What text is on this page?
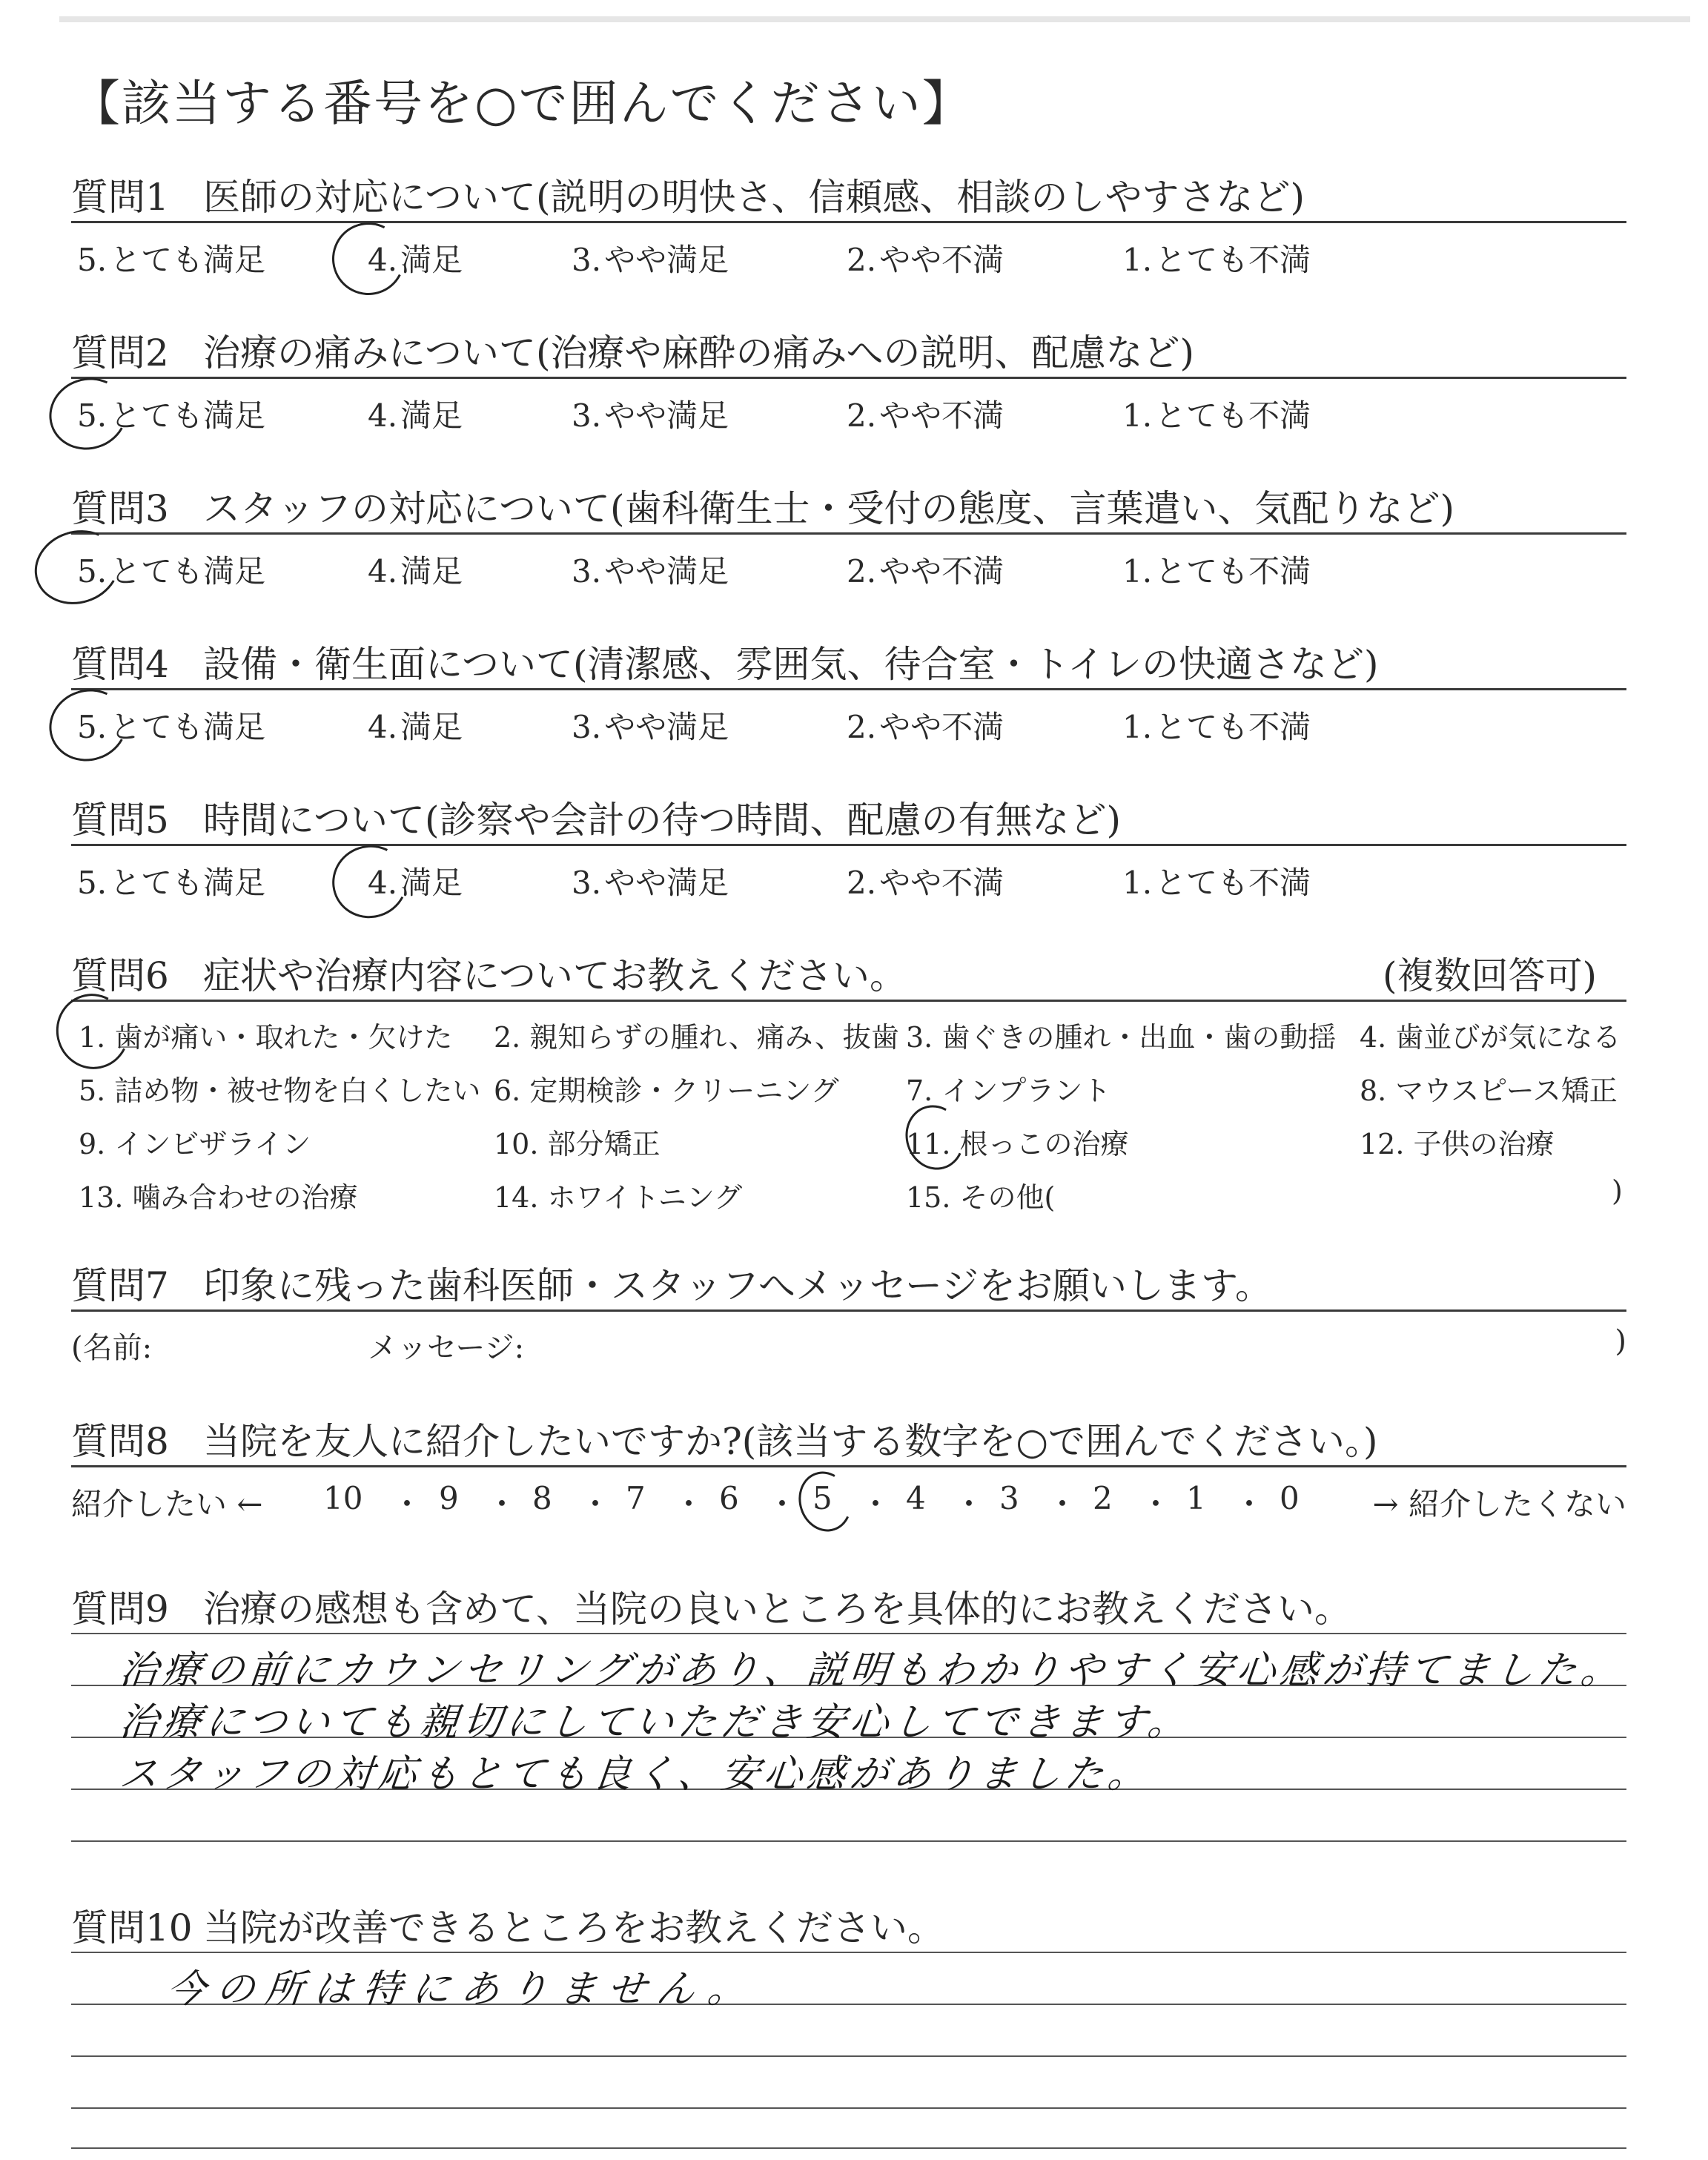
【該当する番号を○で囲んでください】
質問1 医師の対応について(説明の明快さ、信頼感、相談のしやすさなど)
5.とても満足	4.満足	3.やや満足	2.やや不満	1.とても不満
質問2 治療の痛みについて(治療や麻酔の痛みへの説明、配慮など)
5.とても満足	4.満足	3.やや満足	2.やや不満	1.とても不満
質問3 スタッフの対応について(歯科衛生士・受付の態度、言葉遣い、気配りなど)
5.とても満足	4.満足	3.やや満足	2.やや不満	1.とても不満
質問4 設備・衛生面について(清潔感、雰囲気、待合室・トイレの快適さなど)
5.とても満足	4.満足	3.やや満足	2.やや不満	1.とても不満
質問5 時間について(診察や会計の待つ時間、配慮の有無など)
5.とても満足	4.満足	3.やや満足	2.やや不満	1.とても不満
質問6 症状や治療内容についてお教えください。	(複数回答可)
1. 歯が痛い・取れた・欠けた 2. 親知らずの腫れ、痛み、抜歯 3. 歯ぐきの腫れ・出血・歯の動揺 4. 歯並びが気になる
5. 詰め物・被せ物を白くしたい 6. 定期検診・クリーニング 7. インプラント	8. マウスピース矯正
9. インビザライン	10. 部分矯正	11. 根っこの治療	12. 子供の治療
13. 噛み合わせの治療	14. ホワイトニング	15. その他(	)
質問7 印象に残った歯科医師・スタッフへメッセージをお願いします。
(名前:	メッセージ:	)
質問8 当院を友人に紹介したいですか?(該当する数字を○で囲んでください。)
紹介したい ← 10 ・ 9 ・ 8 ・ 7 ・ 6 ・ 5 ・ 4 ・ 3 ・ 2 ・ 1 ・ 0 → 紹介したくない
質問9 治療の感想も含めて、当院の良いところを具体的にお教えください。
治療の前にカウンセリングがあり、説明もわかりやすく安心感が持てました。
治療についても親切にしていただき安心してできます。
スタッフの対応もとても良く、安心感がありました。
質問10 当院が改善できるところをお教えください。
今の所は特にありません。
